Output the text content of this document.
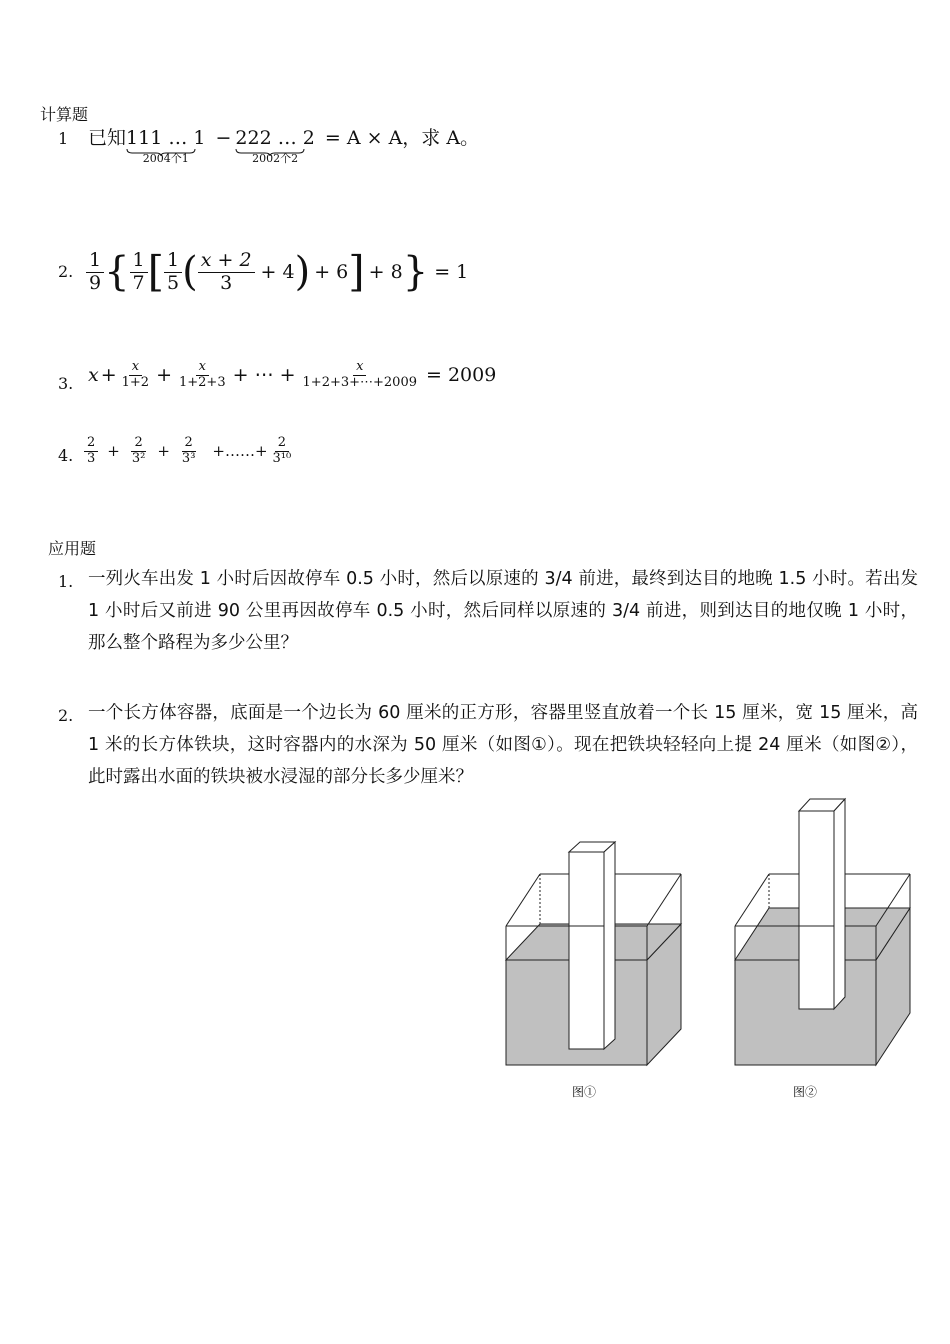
计算题
1 已知111 … 1
2004个1
− 222 … 2
2002个2
= A × A，求 A。
2. $\frac{1}{9}$ { $\frac{1}{7}$ [ $\frac{1}{5}$ ( $\frac{x + 2}{3} + 4$ ) + 6 ] + 8 } = 1
3. $x + \frac{x}{1+2} + \frac{x}{1+2+3}$ + ⋯ + $\frac{x}{1+2+3+\cdots+2009} = 2009$
4. $\frac{2}{3} + \frac{2}{\text{3²}} + \frac{2}{\text{3³}}$ +……+ $\frac{2}{\text{3¹⁰}}$
应用题
1. 一列火车出发 1 小时后因故停车 0.5 小时，然后以原速的 3/4 前进，最终到达目的地晚 1.5 小时。若出发 1 小时后又前进 90 公里再因故停车 0.5 小时，然后同样以原速的 3/4 前进，则到达目的地仅晚 1 小时，那么整个路程为多少公里？
2. 一个长方体容器，底面是一个边长为 60 厘米的正方形，容器里竖直放着一个长 15 厘米，宽 15 厘米，高 1 米的长方体铁块，这时容器内的水深为 50 厘米（如图①）。现在把铁块轻轻向上提 24 厘米（如图②），此时露出水面的铁块被水浸湿的部分长多少厘米？
图①	图②
